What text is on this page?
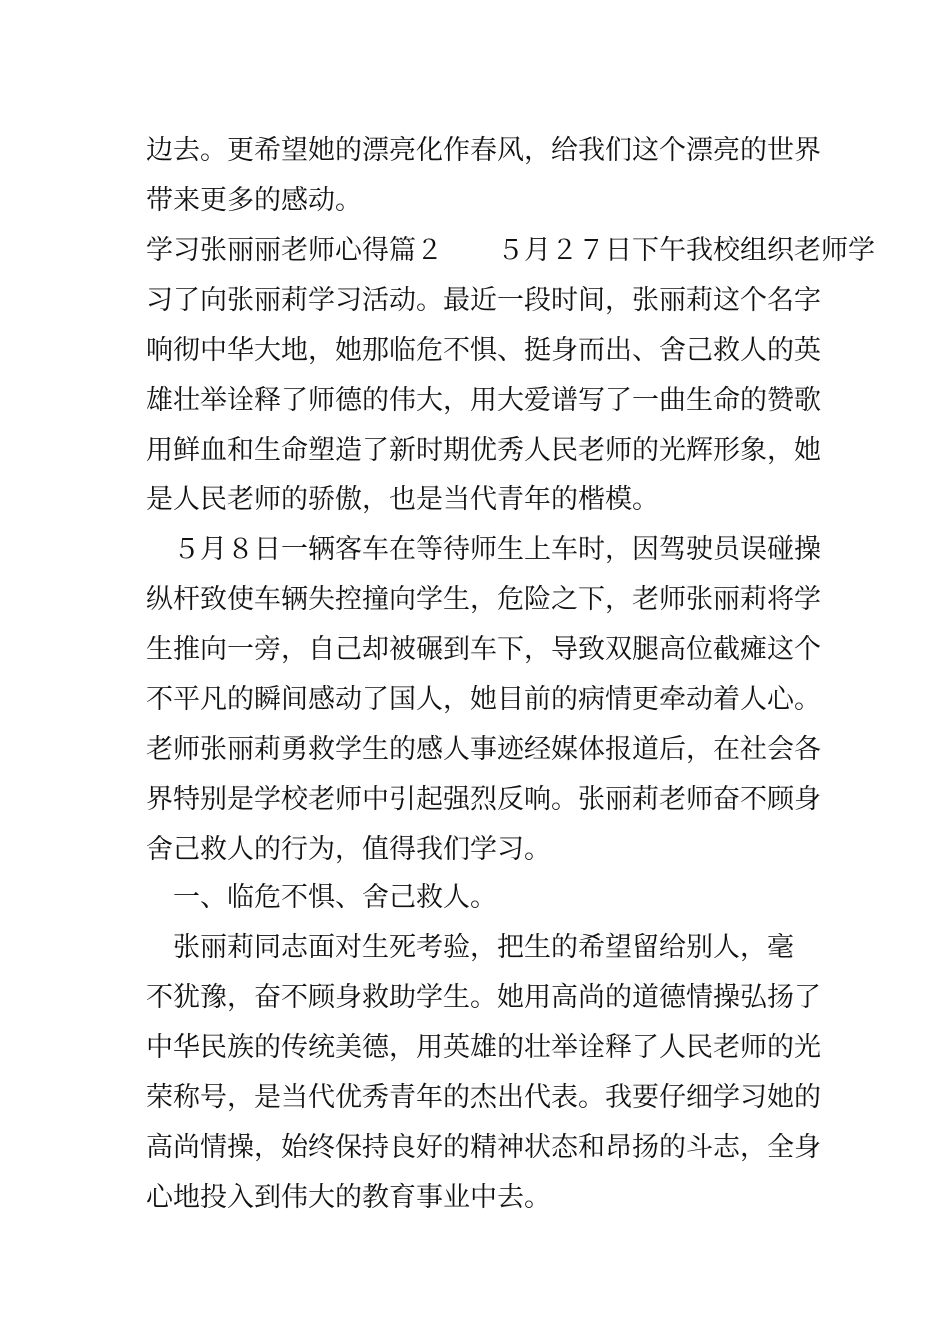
边去。更希望她的漂亮化作春风，给我们这个漂亮的世界
带来更多的感动。
学习张丽丽老师心得篇２　　５月２７日下午我校组织老师学
习了向张丽莉学习活动。最近一段时间，张丽莉这个名字
响彻中华大地，她那临危不惧、挺身而出、舍己救人的英
雄壮举诠释了师德的伟大，用大爱谱写了一曲生命的赞歌
用鲜血和生命塑造了新时期优秀人民老师的光辉形象，她
是人民老师的骄傲，也是当代青年的楷模。
　５月８日一辆客车在等待师生上车时，因驾驶员误碰操
纵杆致使车辆失控撞向学生，危险之下，老师张丽莉将学
生推向一旁，自己却被碾到车下，导致双腿高位截瘫这个
不平凡的瞬间感动了国人，她目前的病情更牵动着人心。
老师张丽莉勇救学生的感人事迹经媒体报道后，在社会各
界特别是学校老师中引起强烈反响。张丽莉老师奋不顾身
舍己救人的行为，值得我们学习。
　一、临危不惧、舍己救人。
　张丽莉同志面对生死考验，把生的希望留给别人，毫
不犹豫，奋不顾身救助学生。她用高尚的道德情操弘扬了
中华民族的传统美德，用英雄的壮举诠释了人民老师的光
荣称号，是当代优秀青年的杰出代表。我要仔细学习她的
高尚情操，始终保持良好的精神状态和昂扬的斗志，全身
心地投入到伟大的教育事业中去。
